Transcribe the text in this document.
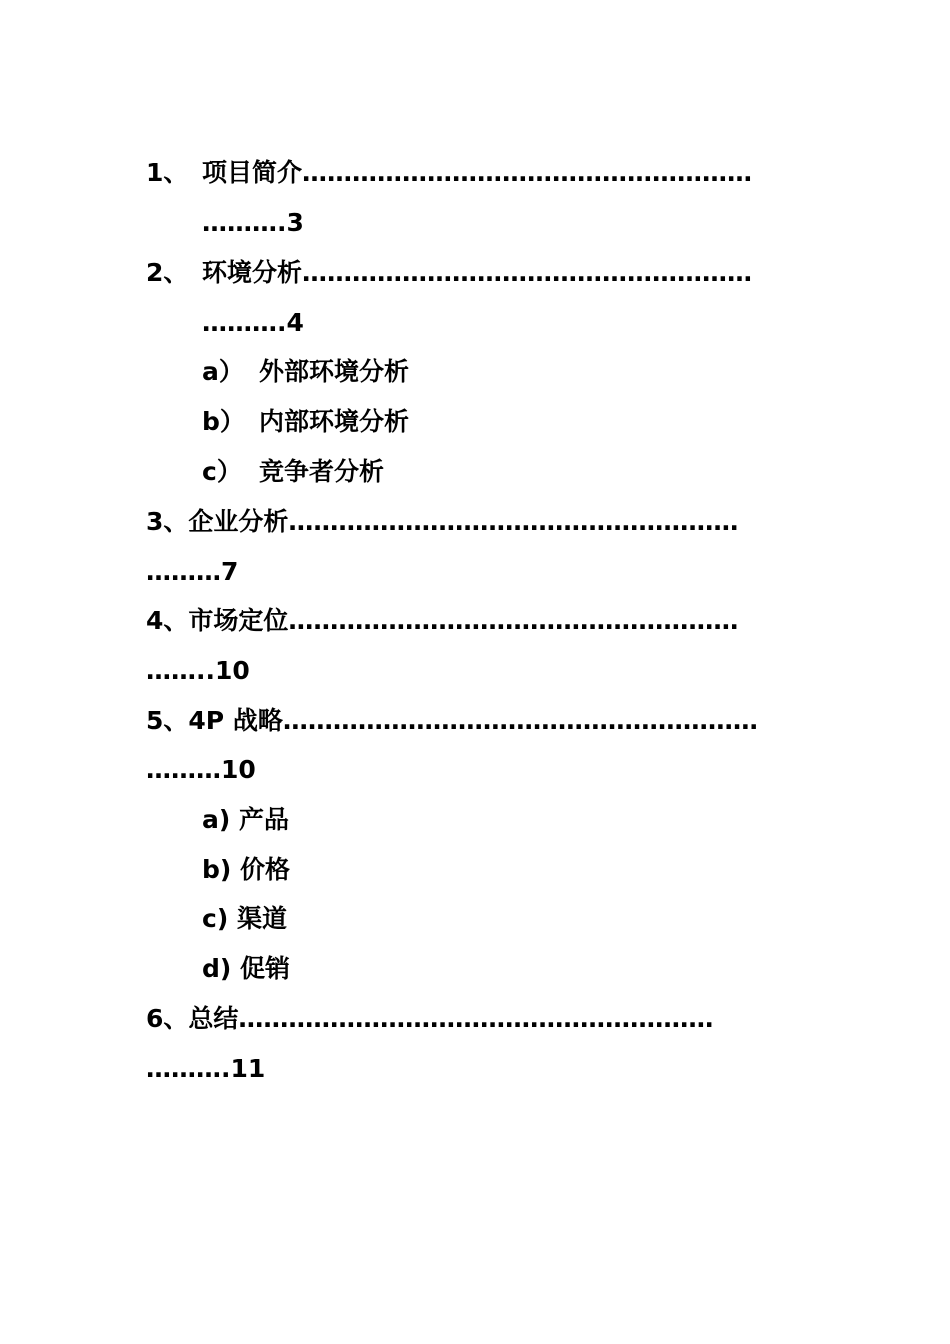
1、 项目简介………………………………………………
……….3
2、 环境分析………………………………………………
……….4
a） 外部环境分析
b） 内部环境分析
c） 竞争者分析
3、企业分析………………………………………………
………7
4、市场定位………………………………………………
……..10
5、4P 战略…………………………………………………
………10
a) 产品
b) 价格
c) 渠道
d) 促销
6、总结…………………………………………………
……….11
